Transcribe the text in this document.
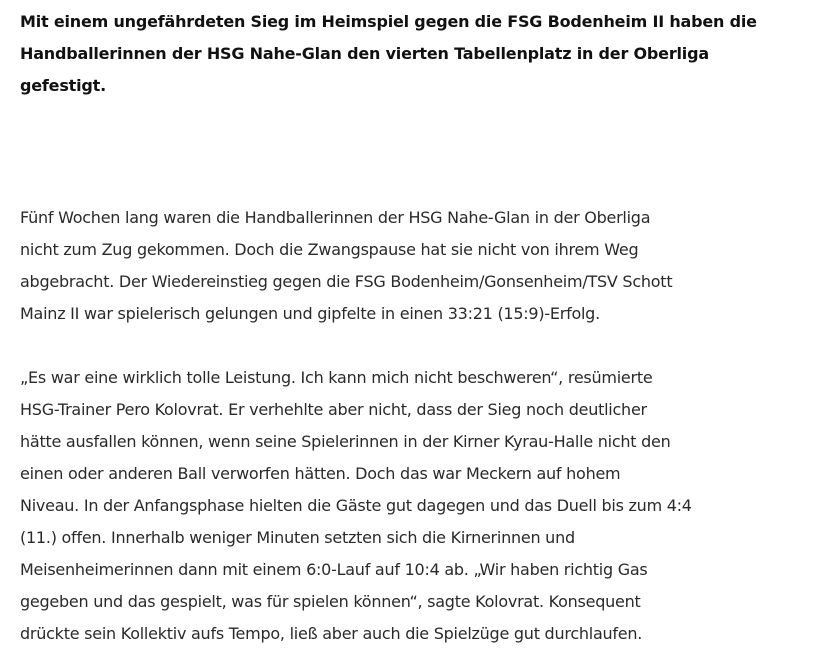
Mit einem ungefährdeten Sieg im Heimspiel gegen die FSG Bodenheim II haben die
Handballerinnen der HSG Nahe-Glan den vierten Tabellenplatz in der Oberliga
gefestigt.

Fünf Wochen lang waren die Handballerinnen der HSG Nahe-Glan in der Oberliga
nicht zum Zug gekommen. Doch die Zwangspause hat sie nicht von ihrem Weg
abgebracht. Der Wiedereinstieg gegen die FSG Bodenheim/Gonsenheim/TSV Schott
Mainz II war spielerisch gelungen und gipfelte in einen 33:21 (15:9)-Erfolg.

„Es war eine wirklich tolle Leistung. Ich kann mich nicht beschweren“, resümierte
HSG-Trainer Pero Kolovrat. Er verhehlte aber nicht, dass der Sieg noch deutlicher
hätte ausfallen können, wenn seine Spielerinnen in der Kirner Kyrau-Halle nicht den
einen oder anderen Ball verworfen hätten. Doch das war Meckern auf hohem
Niveau. In der Anfangsphase hielten die Gäste gut dagegen und das Duell bis zum 4:4
(11.) offen. Innerhalb weniger Minuten setzten sich die Kirnerinnen und
Meisenheimerinnen dann mit einem 6:0-Lauf auf 10:4 ab. „Wir haben richtig Gas
gegeben und das gespielt, was für spielen können“, sagte Kolovrat. Konsequent
drückte sein Kollektiv aufs Tempo, ließ aber auch die Spielzüge gut durchlaufen.
